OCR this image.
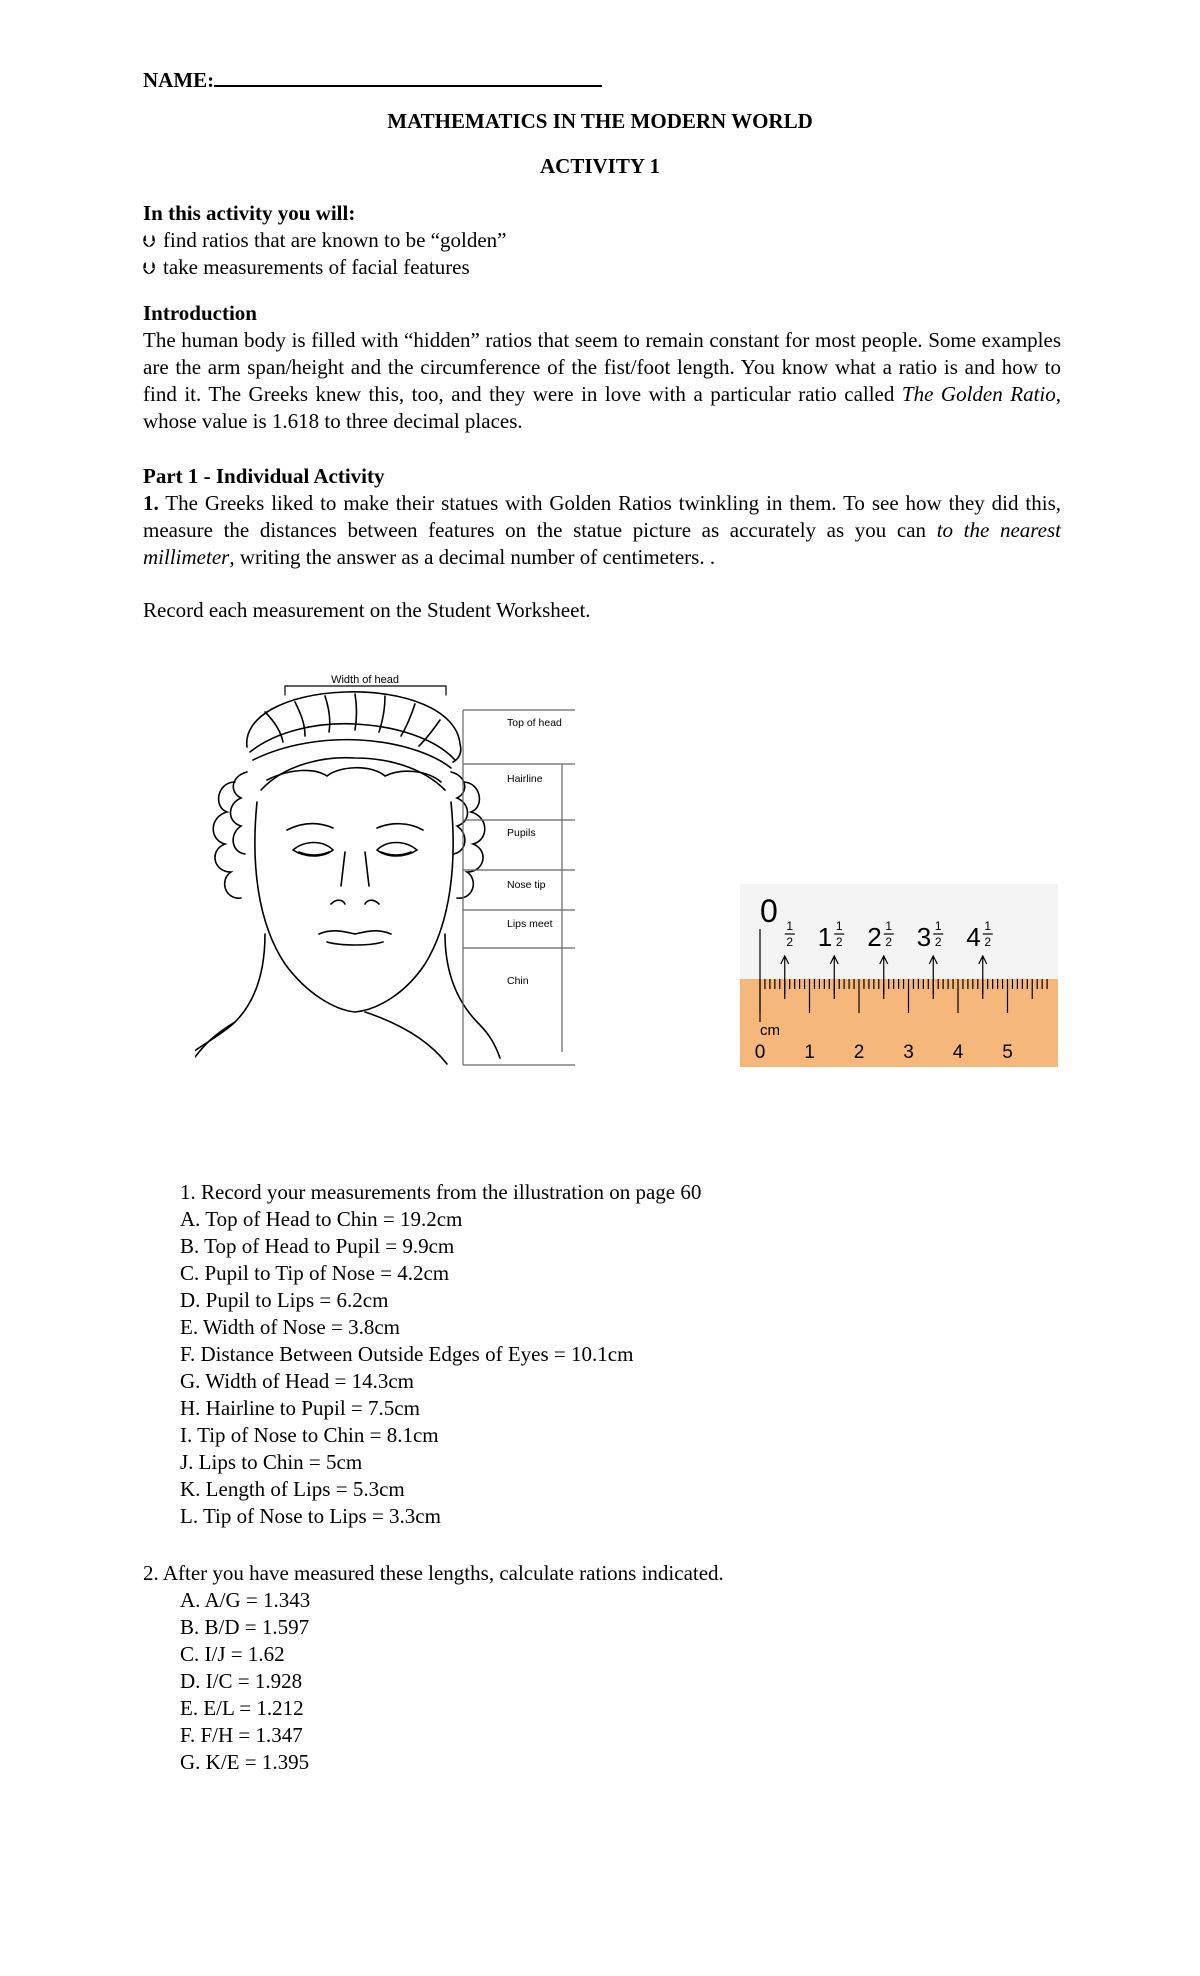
NAME:
MATHEMATICS IN THE MODERN WORLD
ACTIVITY 1
In this activity you will:
⮋ find ratios that are known to be “golden”
⮋ take measurements of facial features
Introduction
The human body is filled with “hidden” ratios that seem to remain constant for most people. Some examples are the arm span/height and the circumference of the fist/foot length. You know what a ratio is and how to find it. The Greeks knew this, too, and they were in love with a particular ratio called The Golden Ratio, whose value is 1.618 to three decimal places.
Part 1 - Individual Activity
1. The Greeks liked to make their statues with Golden Ratios twinkling in them. To see how they did this, measure the distances between features on the statue picture as accurately as you can to the nearest millimeter, writing the answer as a decimal number of centimeters. .
Record each measurement on the Student Worksheet.
Width of head
Top of head
Hairline
Pupils
Nose tip
Lips meet
Chin
0 1
2 1 1
2 2 1
2 3 1
2 4 1
2
cm
0 1 2 3 4 5
1. Record your measurements from the illustration on page 60
A. Top of Head to Chin = 19.2cm
B. Top of Head to Pupil = 9.9cm
C. Pupil to Tip of Nose = 4.2cm
D. Pupil to Lips = 6.2cm
E. Width of Nose = 3.8cm
F. Distance Between Outside Edges of Eyes = 10.1cm
G. Width of Head = 14.3cm
H. Hairline to Pupil = 7.5cm
I. Tip of Nose to Chin = 8.1cm
J. Lips to Chin = 5cm
K. Length of Lips = 5.3cm
L. Tip of Nose to Lips = 3.3cm
2. After you have measured these lengths, calculate rations indicated.
A. A/G = 1.343
B. B/D = 1.597
C. I/J = 1.62
D. I/C = 1.928
E. E/L = 1.212
F. F/H = 1.347
G. K/E = 1.395
